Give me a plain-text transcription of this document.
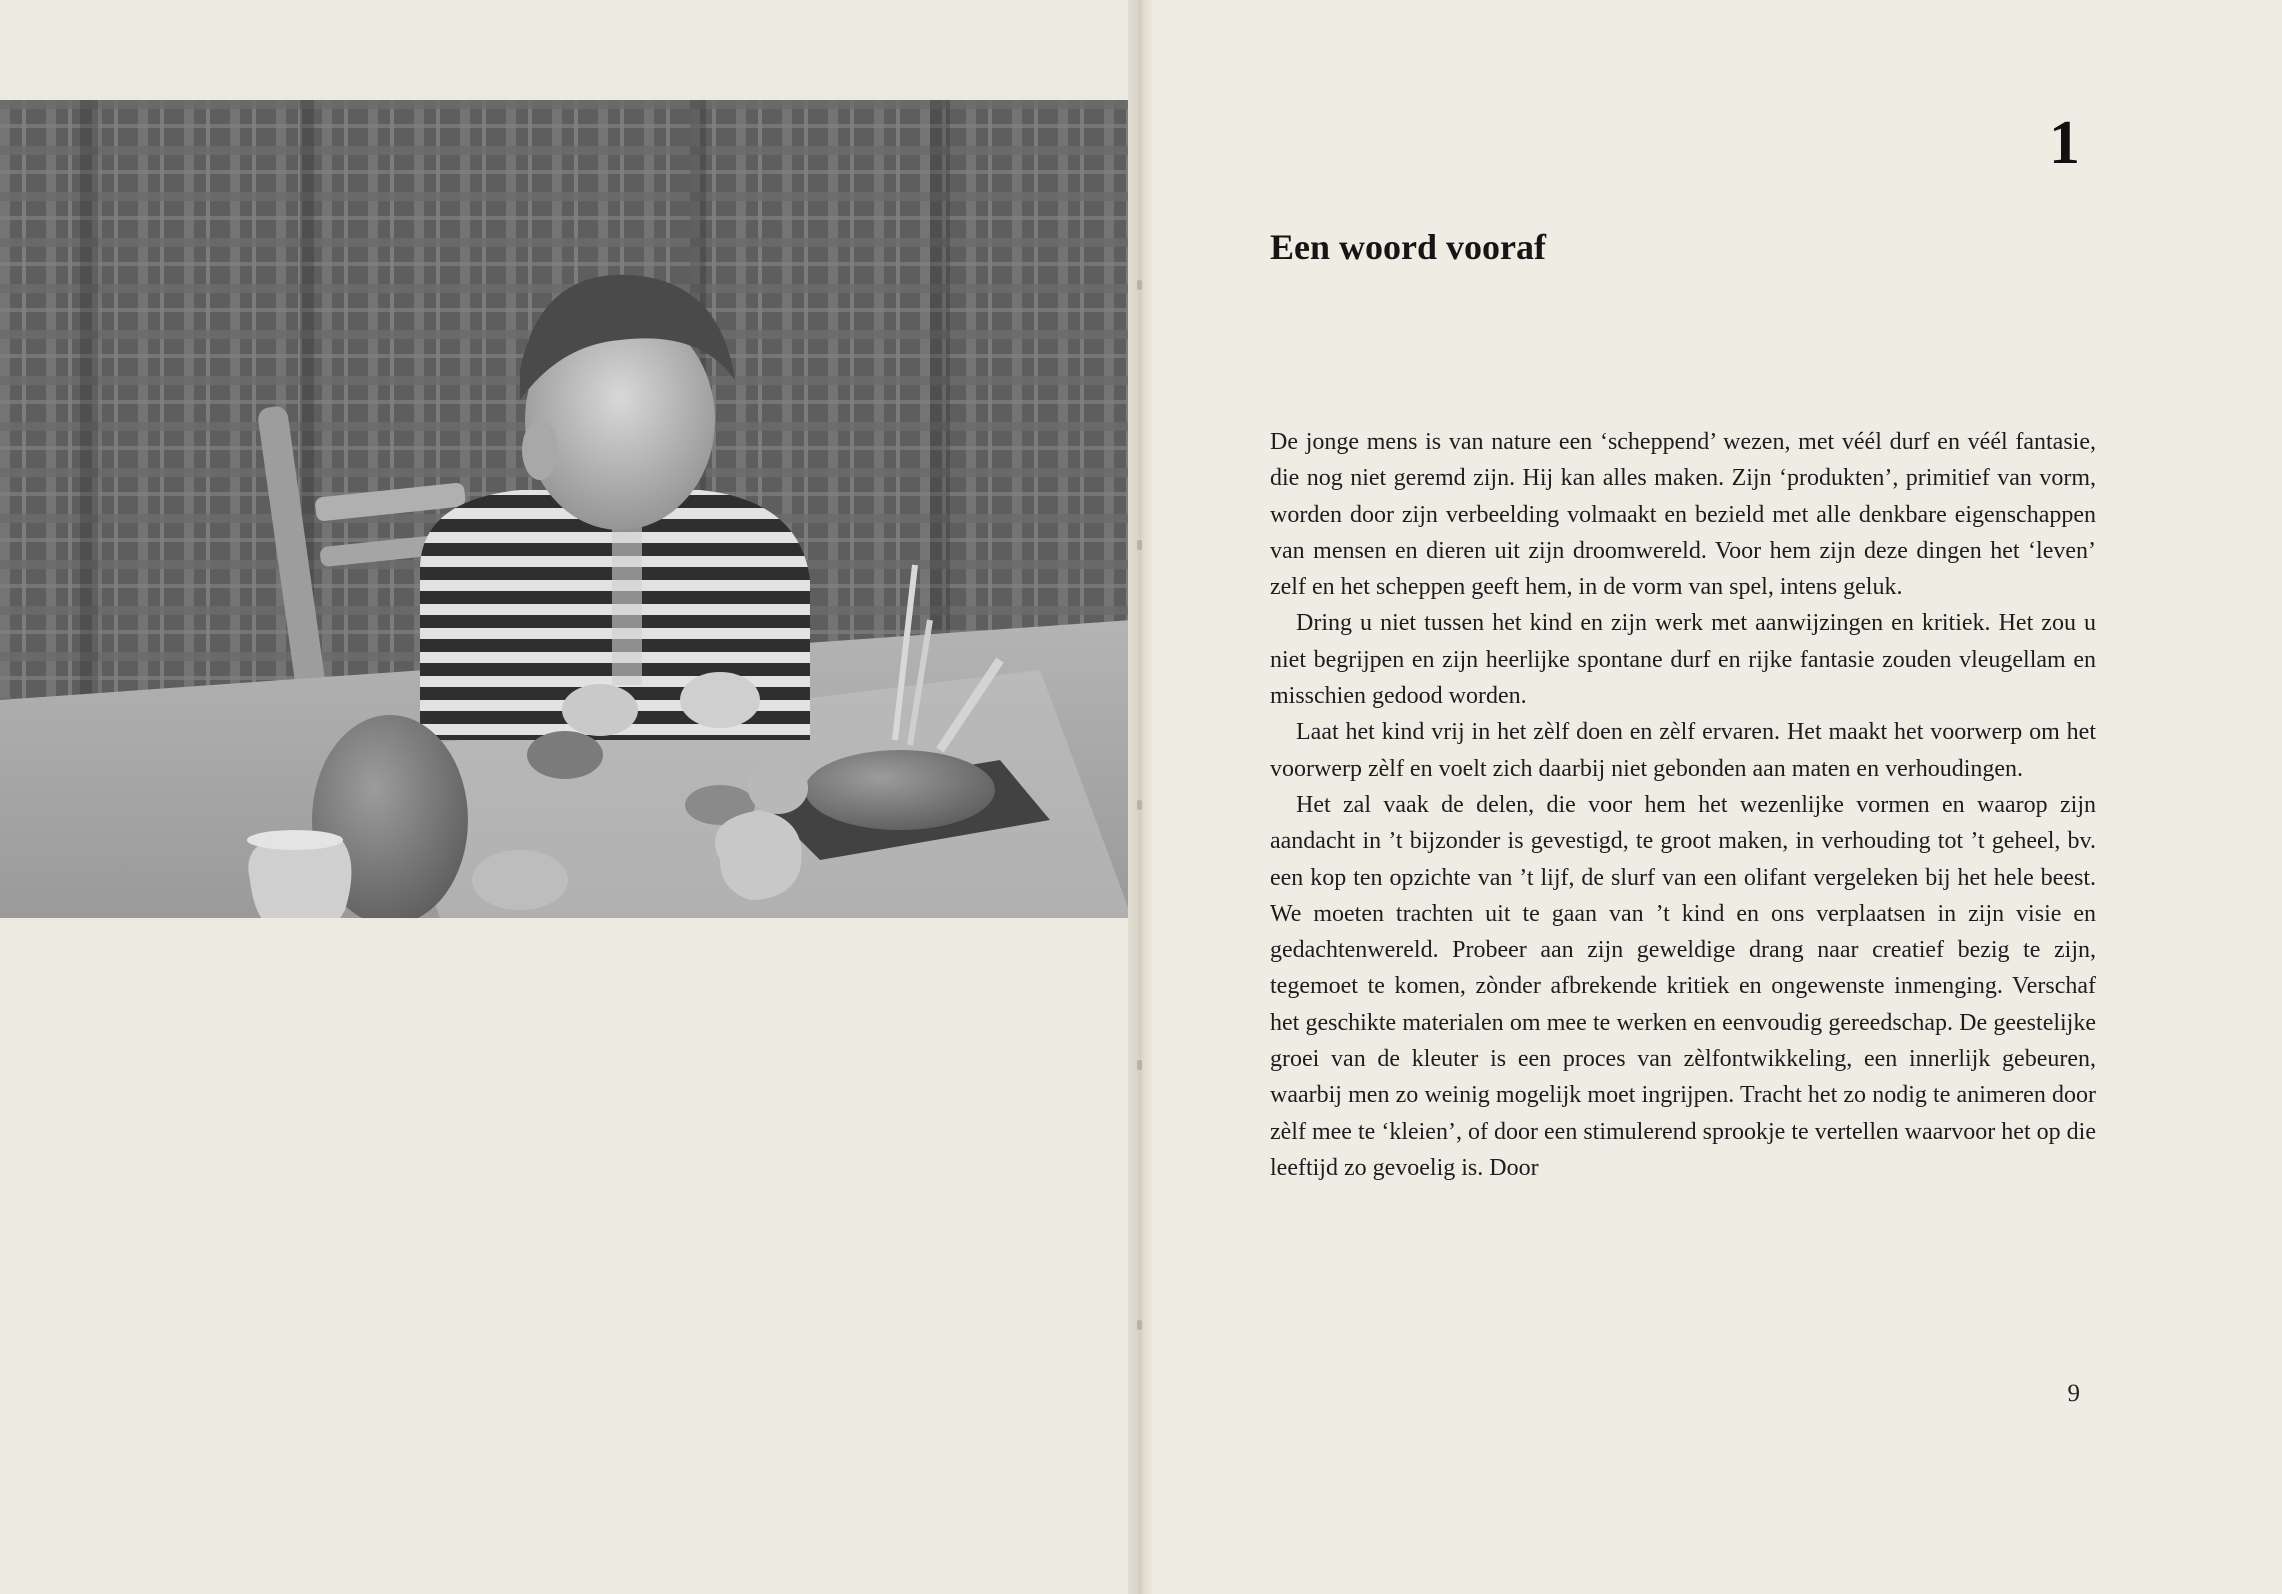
1
Een woord vooraf

De jonge mens is van nature een ‘scheppend’ wezen, met véél durf en véél fantasie, die nog niet geremd zijn. Hij kan alles maken. Zijn ‘produkten’, primitief van vorm, worden door zijn verbeelding volmaakt en bezield met alle denkbare eigenschappen van mensen en dieren uit zijn droomwereld. Voor hem zijn deze dingen het ‘leven’ zelf en het scheppen geeft hem, in de vorm van spel, intens geluk.

Dring u niet tussen het kind en zijn werk met aanwijzingen en kritiek. Het zou u niet begrijpen en zijn heerlijke spontane durf en rijke fantasie zouden vleugellam en misschien gedood worden.

Laat het kind vrij in het zèlf doen en zèlf ervaren. Het maakt het voorwerp om het voorwerp zèlf en voelt zich daarbij niet gebonden aan maten en verhoudingen.

Het zal vaak de delen, die voor hem het wezenlijke vormen en waarop zijn aandacht in ’t bijzonder is gevestigd, te groot maken, in verhouding tot ’t geheel, bv. een kop ten opzichte van ’t lijf, de slurf van een olifant vergeleken bij het hele beest. We moeten trachten uit te gaan van ’t kind en ons verplaatsen in zijn visie en gedachtenwereld. Probeer aan zijn geweldige drang naar creatief bezig te zijn, tegemoet te komen, zònder afbrekende kritiek en ongewenste inmenging. Verschaf het geschikte materialen om mee te werken en eenvoudig gereedschap. De geestelijke groei van de kleuter is een proces van zèlfontwikkeling, een innerlijk gebeuren, waarbij men zo weinig mogelijk moet ingrijpen. Tracht het zo nodig te animeren door zèlf mee te ‘kleien’, of door een stimulerend sprookje te vertellen waarvoor het op die leeftijd zo gevoelig is. Door

9
